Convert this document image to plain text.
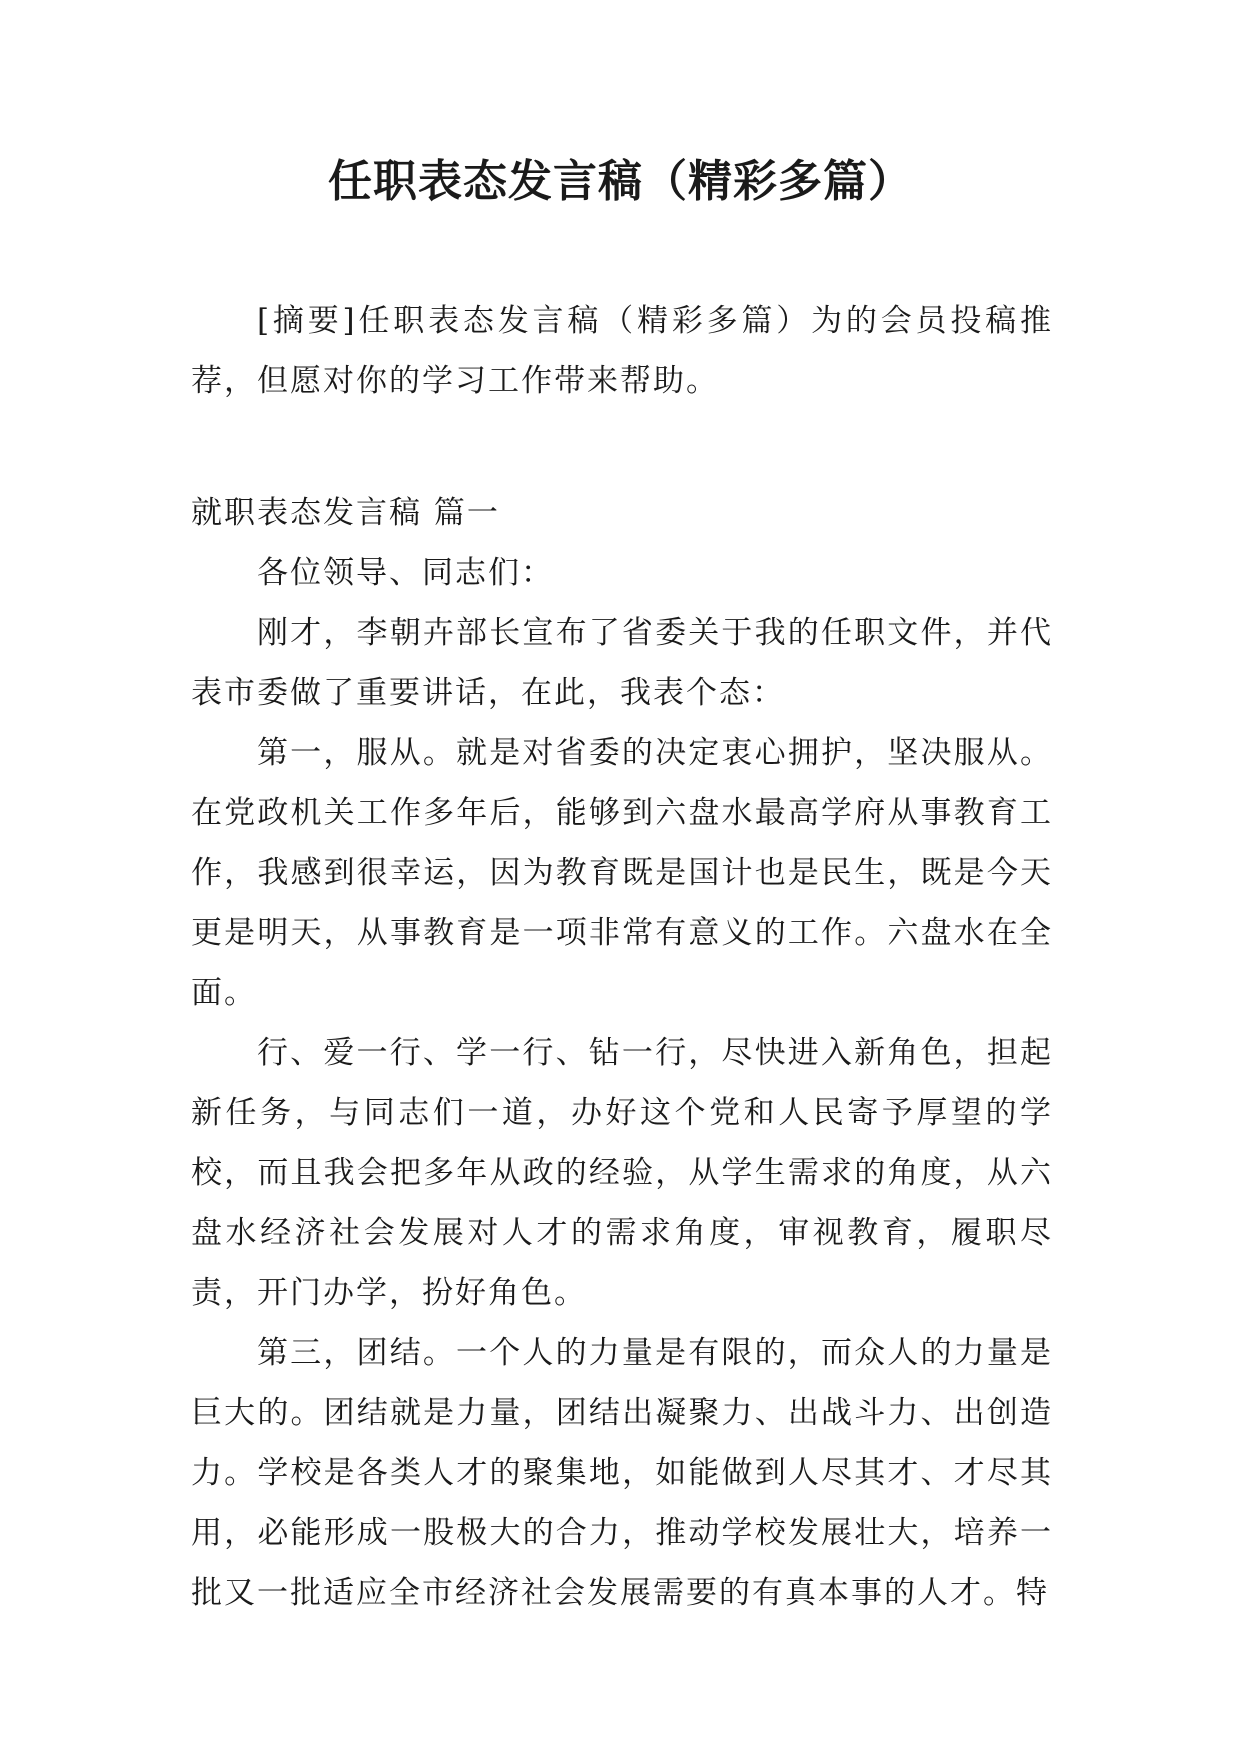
任职表态发言稿（精彩多篇）

[摘要]任职表态发言稿（精彩多篇）为的会员投稿推荐，但愿对你的学习工作带来帮助。

就职表态发言稿 篇一

各位领导、同志们：

刚才，李朝卉部长宣布了省委关于我的任职文件，并代表市委做了重要讲话，在此，我表个态：

第一，服从。就是对省委的决定衷心拥护，坚决服从。在党政机关工作多年后，能够到六盘水最高学府从事教育工作，我感到很幸运，因为教育既是国计也是民生，既是今天更是明天，从事教育是一项非常有意义的工作。六盘水在全面。

行、爱一行、学一行、钻一行，尽快进入新角色，担起新任务，与同志们一道，办好这个党和人民寄予厚望的学校，而且我会把多年从政的经验，从学生需求的角度，从六盘水经济社会发展对人才的需求角度，审视教育，履职尽责，开门办学，扮好角色。

第三，团结。一个人的力量是有限的，而众人的力量是巨大的。团结就是力量，团结出凝聚力、出战斗力、出创造力。学校是各类人才的聚集地，如能做到人尽其才、才尽其用，必能形成一股极大的合力，推动学校发展壮大，培养一批又一批适应全市经济社会发展需要的有真本事的人才。特
